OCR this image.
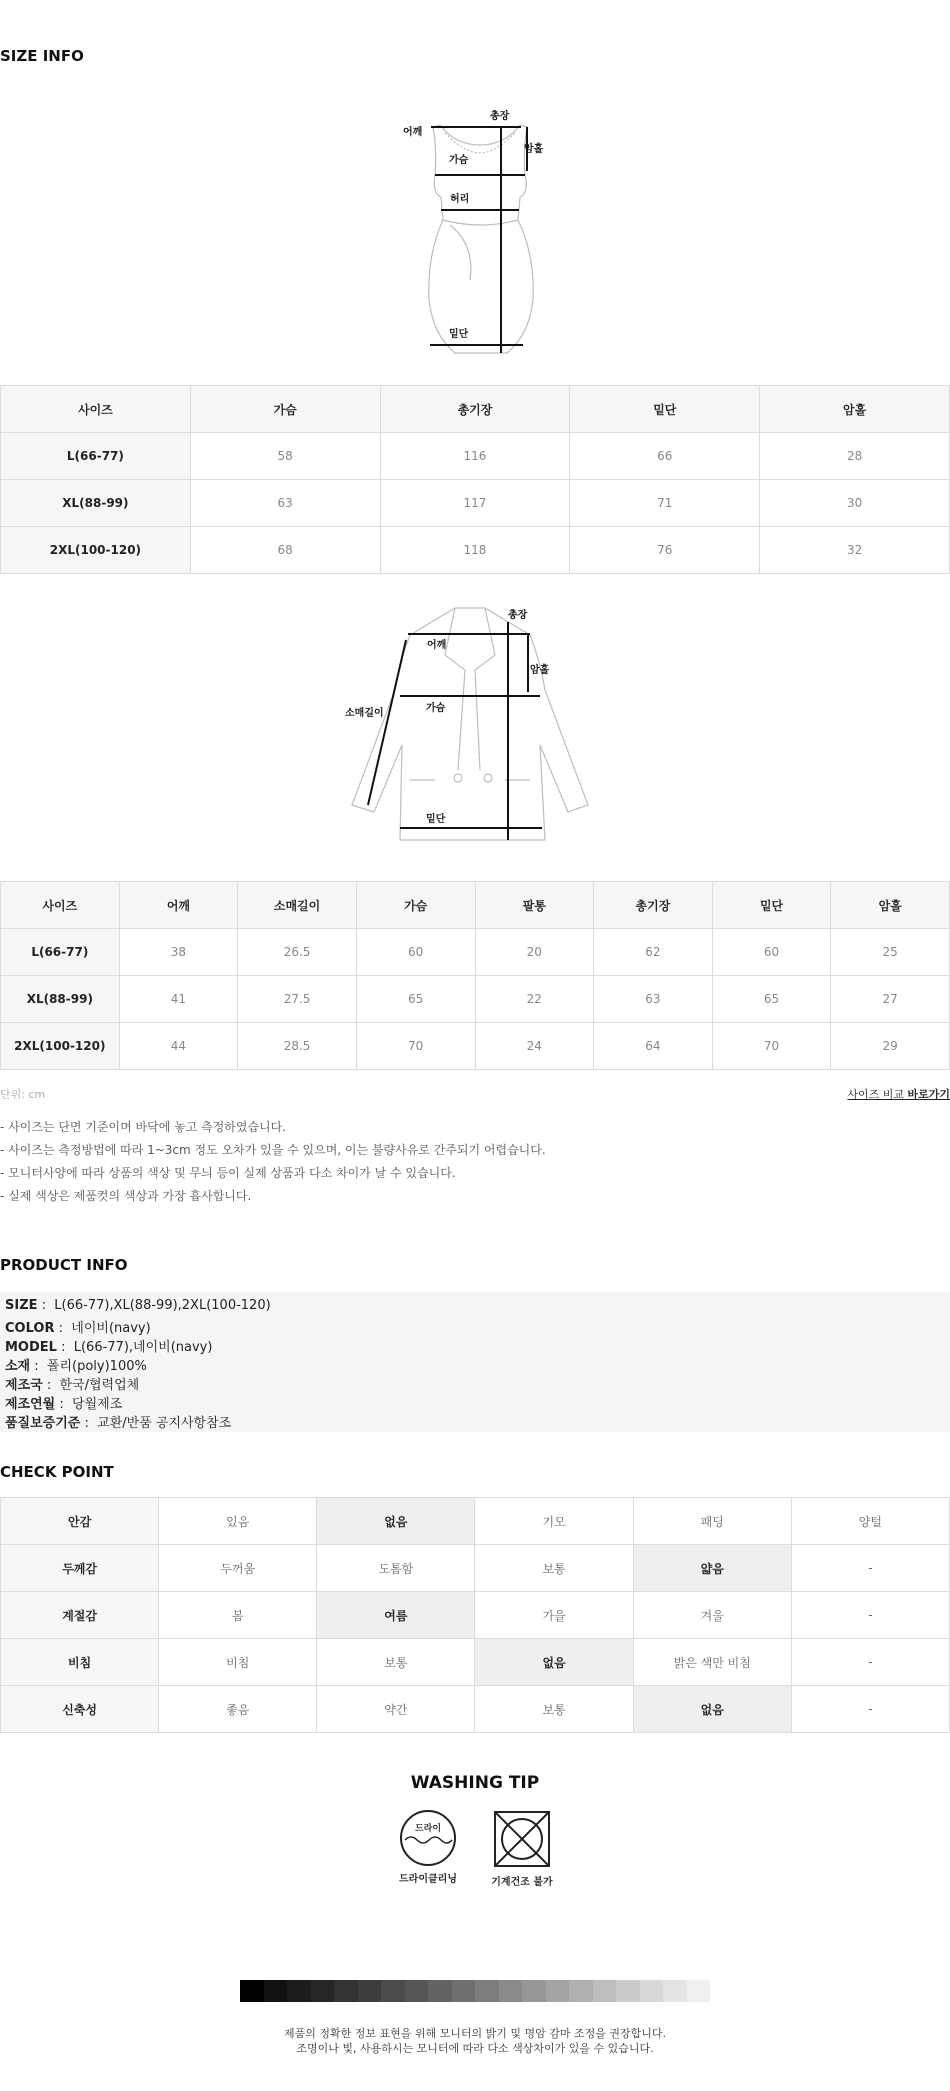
SIZE INFO
총장
어깨
암홀
가슴
허리
밑단
사이즈	가슴	총기장	밑단	암홀
L(66-77)	58	116	66	28
XL(88-99)	63	117	71	30
2XL(100-120)	68	118	76	32
총장
어깨
암홀
소매길이	가슴
밑단
사이즈	어깨	소매길이	가슴	팔통	총기장	밑단	암홀
L(66-77)	38	26.5	60	20	62	60	25
XL(88-99)	41	27.5	65	22	63	65	27
2XL(100-120)	44	28.5	70	24	64	70	29
단위: cm	사이즈 비교 바로가기
- 사이즈는 단면 기준이며 바닥에 놓고 측정하였습니다.
- 사이즈는 측정방법에 따라 1~3cm 정도 오차가 있을 수 있으며, 이는 불량사유로 간주되기 어렵습니다.
- 모니터사양에 따라 상품의 색상 및 무늬 등이 실제 상품과 다소 차이가 날 수 있습니다.
- 실제 색상은 제품컷의 색상과 가장 흡사합니다.
PRODUCT INFO
SIZE :  L(66-77),XL(88-99),2XL(100-120)
COLOR :  네이비(navy)
MODEL :  L(66-77),네이비(navy)
소재 :  폴리(poly)100%
제조국 :  한국/협력업체
제조연월 :  당월제조
품질보증기준 :  교환/반품 공지사항참조
CHECK POINT
안감	있음	없음	기모	패딩	양털
두께감	두꺼움	도톰함	보통	얇음	-
계절감	봄	여름	가을	겨울	-
비침	비침	보통	없음	밝은 색만 비침	-
신축성	좋음	약간	보통	없음	-
WASHING TIP
드라이
드라이클리닝	기계건조 불가
제품의 정확한 정보 표현을 위해 모니터의 밝기 및 명암 감마 조정을 권장합니다.
조명이나 빛, 사용하시는 모니터에 따라 다소 색상차이가 있을 수 있습니다.
